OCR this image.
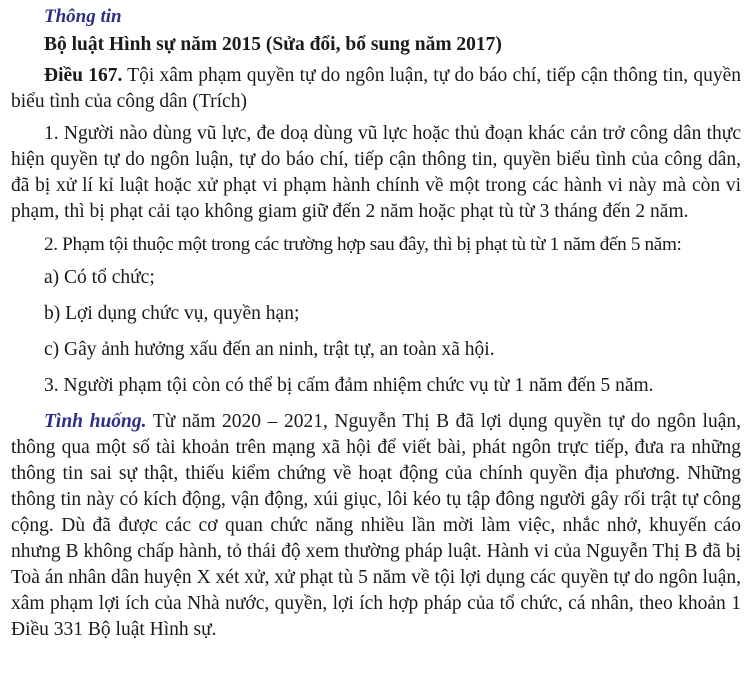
Thông tin
Bộ luật Hình sự năm 2015 (Sửa đổi, bổ sung năm 2017)

Điều 167. Tội xâm phạm quyền tự do ngôn luận, tự do báo chí, tiếp cận thông tin, quyền biểu tình của công dân (Trích)

1. Người nào dùng vũ lực, đe doạ dùng vũ lực hoặc thủ đoạn khác cản trở công dân thực hiện quyền tự do ngôn luận, tự do báo chí, tiếp cận thông tin, quyền biểu tình của công dân, đã bị xử lí kỉ luật hoặc xử phạt vi phạm hành chính về một trong các hành vi này mà còn vi phạm, thì bị phạt cải tạo không giam giữ đến 2 năm hoặc phạt tù từ 3 tháng đến 2 năm.

2. Phạm tội thuộc một trong các trường hợp sau đây, thì bị phạt tù từ 1 năm đến 5 năm:

a) Có tổ chức;

b) Lợi dụng chức vụ, quyền hạn;

c) Gây ảnh hưởng xấu đến an ninh, trật tự, an toàn xã hội.

3. Người phạm tội còn có thể bị cấm đảm nhiệm chức vụ từ 1 năm đến 5 năm.

Tình huống. Từ năm 2020 – 2021, Nguyễn Thị B đã lợi dụng quyền tự do ngôn luận, thông qua một số tài khoản trên mạng xã hội để viết bài, phát ngôn trực tiếp, đưa ra những thông tin sai sự thật, thiếu kiểm chứng về hoạt động của chính quyền địa phương. Những thông tin này có kích động, vận động, xúi giục, lôi kéo tụ tập đông người gây rối trật tự công cộng. Dù đã được các cơ quan chức năng nhiều lần mời làm việc, nhắc nhở, khuyến cáo nhưng B không chấp hành, tỏ thái độ xem thường pháp luật. Hành vi của Nguyễn Thị B đã bị Toà án nhân dân huyện X xét xử, xử phạt tù 5 năm về tội lợi dụng các quyền tự do ngôn luận, xâm phạm lợi ích của Nhà nước, quyền, lợi ích hợp pháp của tổ chức, cá nhân, theo khoản 1 Điều 331 Bộ luật Hình sự.
